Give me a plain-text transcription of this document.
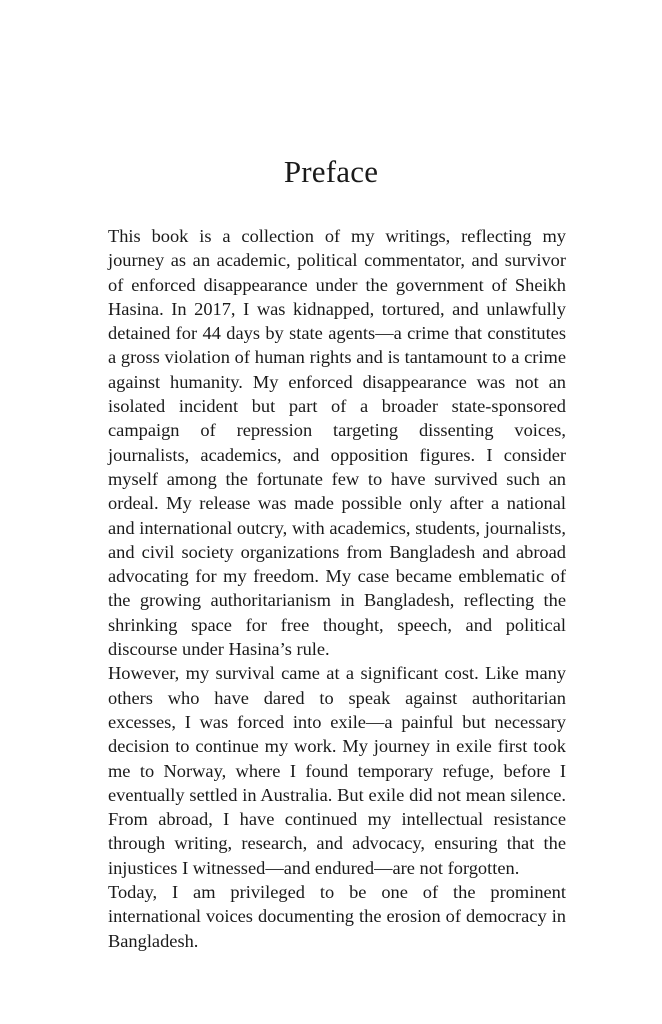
Preface

This book is a collection of my writings, reflecting my journey as an academic, political commentator, and survivor of enforced disappearance under the government of Sheikh Hasina. In 2017, I was kidnapped, tortured, and unlawfully detained for 44 days by state agents—a crime that constitutes a gross violation of human rights and is tantamount to a crime against humanity. My enforced disappearance was not an isolated incident but part of a broader state-sponsored campaign of repression targeting dissenting voices, journalists, academics, and opposition figures. I consider myself among the fortunate few to have survived such an ordeal. My release was made possible only after a national and international outcry, with academics, students, journalists, and civil society organizations from Bangladesh and abroad advocating for my freedom. My case became emblematic of the growing authoritarianism in Bangladesh, reflecting the shrinking space for free thought, speech, and political discourse under Hasina’s rule.

However, my survival came at a significant cost. Like many others who have dared to speak against authoritarian excesses, I was forced into exile—a painful but necessary decision to continue my work. My journey in exile first took me to Norway, where I found temporary refuge, before I eventually settled in Australia. But exile did not mean silence. From abroad, I have continued my intellectual resistance through writing, research, and advocacy, ensuring that the injustices I witnessed—and endured—are not forgotten.

Today, I am privileged to be one of the prominent international voices documenting the erosion of democracy in Bangladesh.
